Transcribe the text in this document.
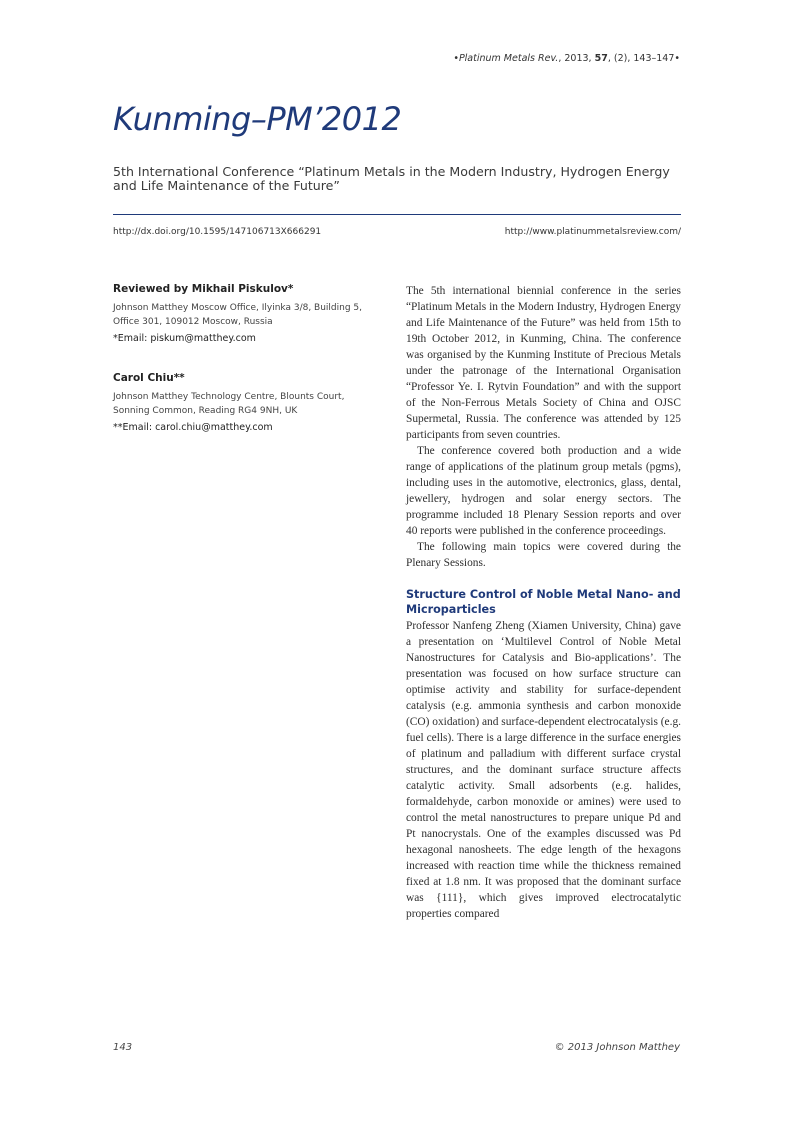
•Platinum Metals Rev., 2013, 57, (2), 143–147•
Kunming–PM’2012
5th International Conference “Platinum Metals in the Modern Industry, Hydrogen Energy and Life Maintenance of the Future”
http://dx.doi.org/10.1595/147106713X666291	http://www.platinummetalsreview.com/
Reviewed by Mikhail Piskulov*
Johnson Matthey Moscow Office, Ilyinka 3/8, Building 5, Office 301, 109012 Moscow, Russia
*Email: piskum@matthey.com
Carol Chiu**
Johnson Matthey Technology Centre, Blounts Court, Sonning Common, Reading RG4 9NH, UK
**Email: carol.chiu@matthey.com

The 5th international biennial conference in the series “Platinum Metals in the Modern Industry, Hydrogen Energy and Life Maintenance of the Future” was held from 15th to 19th October 2012, in Kunming, China. The conference was organised by the Kunming Institute of Precious Metals under the patronage of the International Organisation “Professor Ye. I. Rytvin Foundation” and with the support of the Non-Ferrous Metals Society of China and OJSC Supermetal, Russia. The conference was attended by 125 participants from seven countries.

The conference covered both production and a wide range of applications of the platinum group metals (pgms), including uses in the automotive, electronics, glass, dental, jewellery, hydrogen and solar energy sectors. The programme included 18 Plenary Session reports and over 40 reports were published in the conference proceedings.

The following main topics were covered during the Plenary Sessions.

Structure Control of Noble Metal Nano- and Microparticles

Professor Nanfeng Zheng (Xiamen University, China) gave a presentation on ‘Multilevel Control of Noble Metal Nanostructures for Catalysis and Bio-applications’. The presentation was focused on how surface structure can optimise activity and stability for surface-dependent catalysis (e.g. ammonia synthesis and carbon monoxide (CO) oxidation) and surface-dependent electrocatalysis (e.g. fuel cells). There is a large difference in the surface energies of platinum and palladium with different surface crystal structures, and the dominant surface structure affects catalytic activity. Small adsorbents (e.g. halides, formaldehyde, carbon monoxide or amines) were used to control the metal nanostructures to prepare unique Pd and Pt nanocrystals. One of the examples discussed was Pd hexagonal nanosheets. The edge length of the hexagons increased with reaction time while the thickness remained fixed at 1.8 nm. It was proposed that the dominant surface was {111}, which gives improved electrocatalytic properties compared

143	© 2013 Johnson Matthey
